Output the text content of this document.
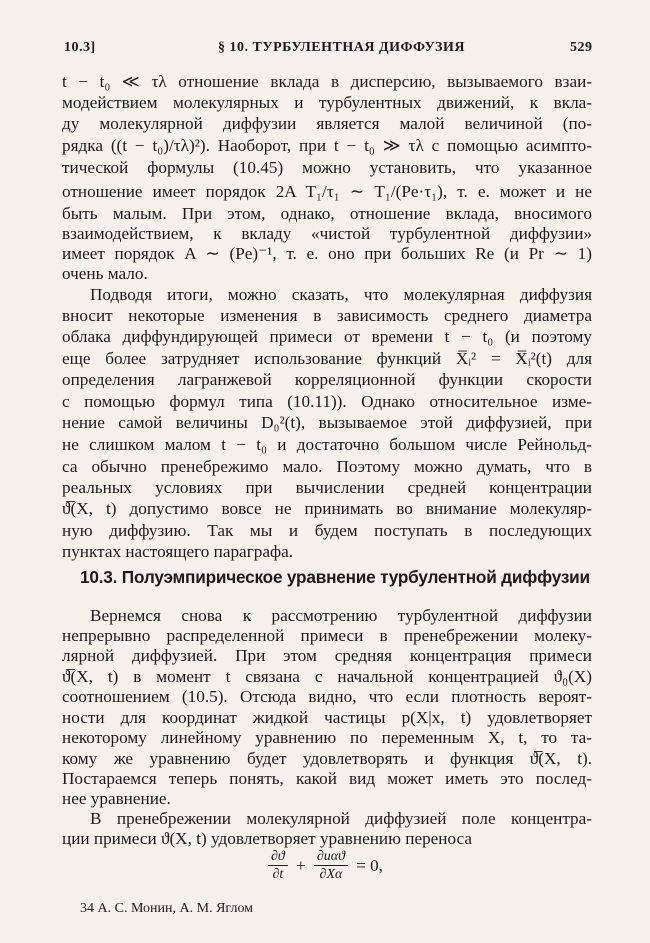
10.3]	§ 10. ТУРБУЛЕНТНАЯ ДИФФУЗИЯ	529
t − t₀ ≪ τλ отношение вклада в дисперсию, вызываемого взаи-
модействием молекулярных и турбулентных движений, к вкла-
ду молекулярной диффузии является малой величиной (по-
рядка ((t − t₀)/τλ)²). Наоборот, при t − t₀ ≫ τλ с помощью асимпто-
тической формулы (10.45) можно установить, что указанное
отношение имеет порядок 2A T₁/τ₁ ∼ T₁/(Pe·τ₁), т. е. может и не
быть малым. При этом, однако, отношение вклада, вносимого
взаимодействием, к вкладу «чистой турбулентной диффузии»
имеет порядок A ∼ (Pe)⁻¹, т. е. оно при больших Re (и Pr ∼ 1)
очень мало.
Подводя итоги, можно сказать, что молекулярная диффузия
вносит некоторые изменения в зависимость среднего диаметра
облака диффундирующей примеси от времени t − t₀ (и поэтому
еще более затрудняет использование функций X̅ᵢ² = X̅ᵢ²(t) для
определения лагранжевой корреляционной функции скорости
с помощью формул типа (10.11)). Однако относительное изме-
нение самой величины D₀²(t), вызываемое этой диффузией, при
не слишком малом t − t₀ и достаточно большом числе Рейнольд-
са обычно пренебрежимо мало. Поэтому можно думать, что в
реальных условиях при вычислении средней концентрации
ϑ̅(X, t) допустимо вовсе не принимать во внимание молекуляр-
ную диффузию. Так мы и будем поступать в последующих
пунктах настоящего параграфа.
10.3. Полуэмпирическое уравнение турбулентной диффузии
Вернемся снова к рассмотрению турбулентной диффузии
непрерывно распределенной примеси в пренебрежении молеку-
лярной диффузией. При этом средняя концентрация примеси
ϑ̅(X, t) в момент t связана с начальной концентрацией ϑ₀(X)
соотношением (10.5). Отсюда видно, что если плотность вероят-
ности для координат жидкой частицы p(X|x, t) удовлетворяет
некоторому линейному уравнению по переменным X, t, то та-
кому же уравнению будет удовлетворять и функция ϑ̅(X, t).
Постараемся теперь понять, какой вид может иметь это послед-
нее уравнение.
В пренебрежении молекулярной диффузией поле концентра-
ции примеси ϑ(X, t) удовлетворяет уравнению переноса
$\frac{\partial ϑ}{\partial t} + \frac{\text{∂uαϑ}}{\partial X\alpha} = 0$,
34 А. С. Монин, А. М. Яглом
